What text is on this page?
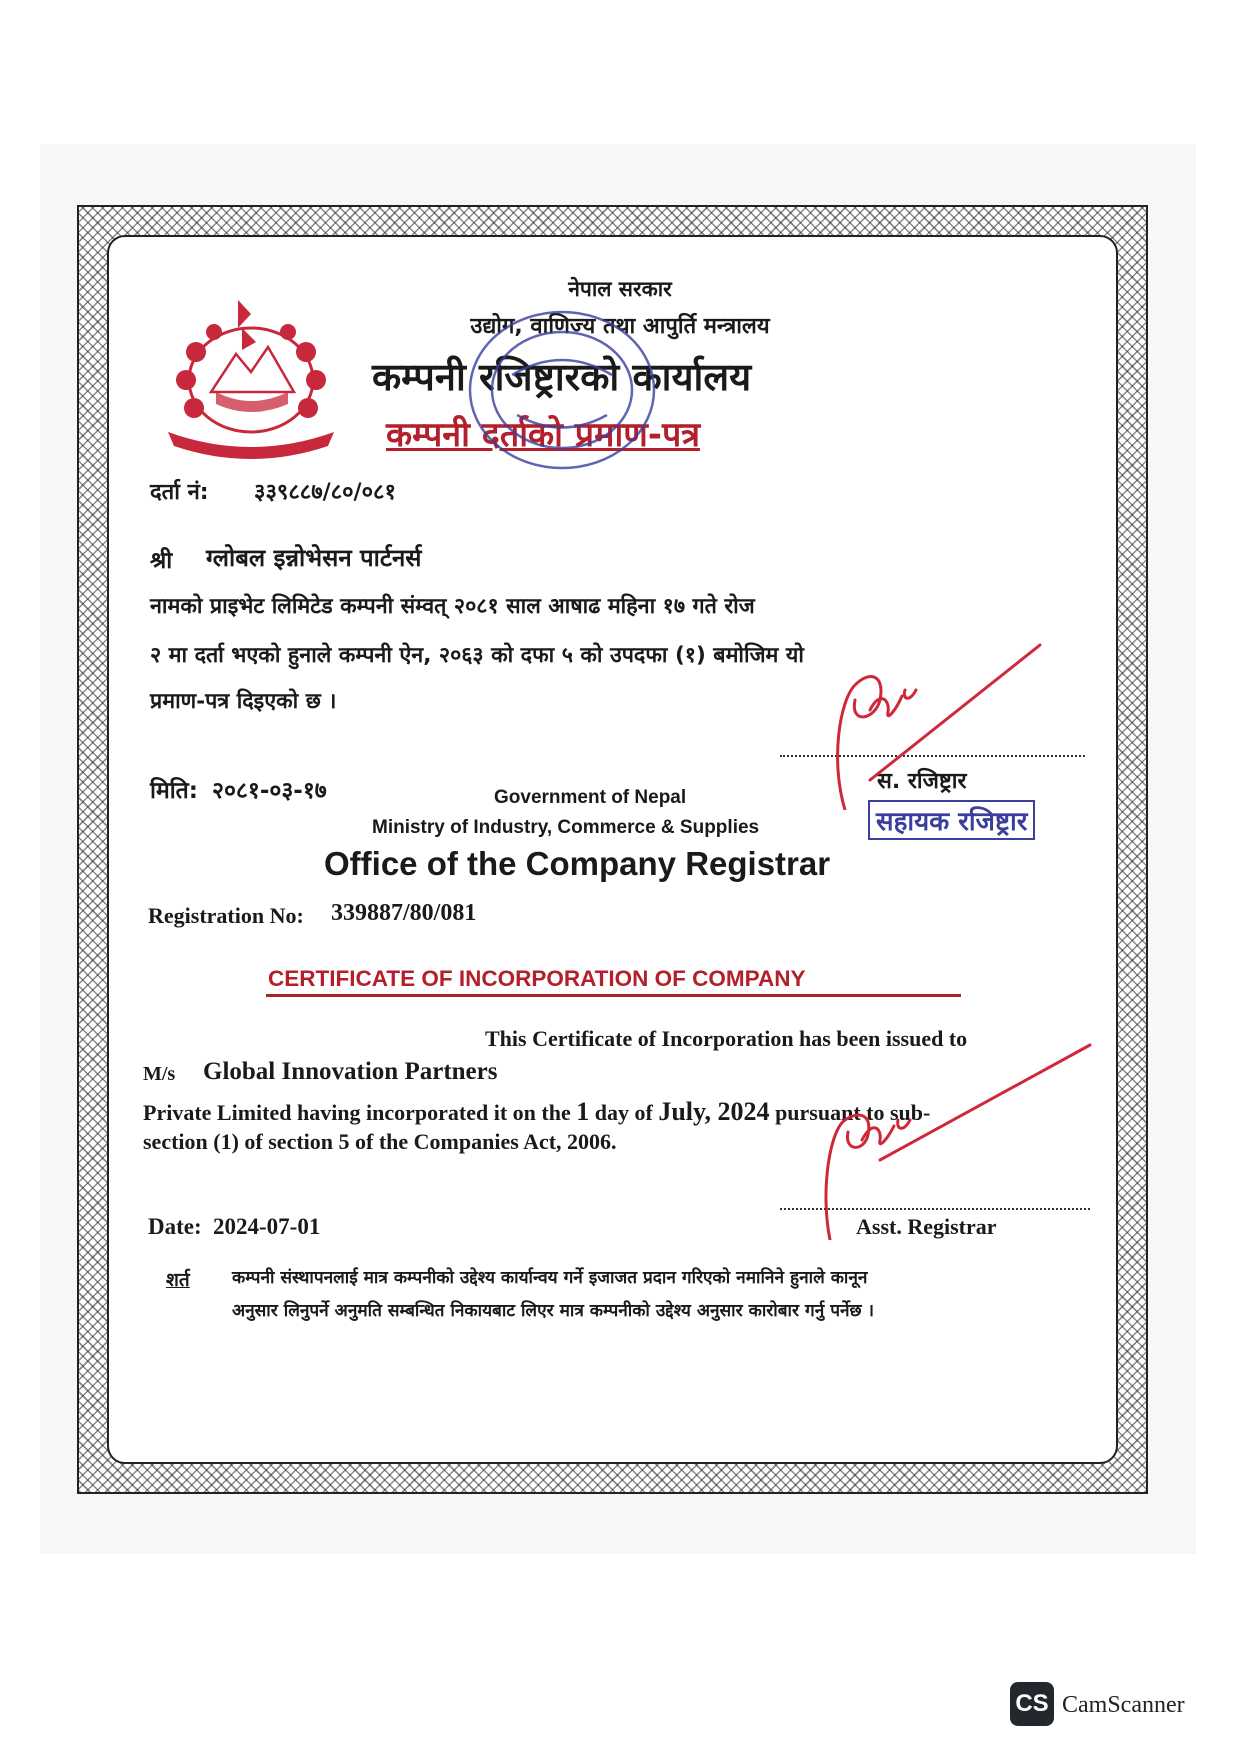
नेपाल सरकार
उद्योग, वाणिज्य तथा आपुर्ति मन्त्रालय
कम्पनी रजिष्ट्रारको कार्यालय
कम्पनी दर्ताको प्रमाण-पत्र
दर्ता नं: ३३९८८७/८०/०८१
श्री ग्लोबल इन्नोभेसन पार्टनर्स
नामको प्राइभेट लिमिटेड कम्पनी संम्वत् २०८१ साल आषाढ महिना १७ गते रोज
२ मा दर्ता भएको हुनाले कम्पनी ऐन, २०६३ को दफा ५ को उपदफा (१) बमोजिम यो
प्रमाण-पत्र दिइएको छ ।
मिति: २०८१-०३-१७	स. रजिष्ट्रार
सहायक रजिष्ट्रार
Government of Nepal
Ministry of Industry, Commerce & Supplies
Office of the Company Registrar
Registration No: 339887/80/081
CERTIFICATE OF INCORPORATION OF COMPANY
This Certificate of Incorporation has been issued to
M/s Global Innovation Partners
Private Limited having incorporated it on the 1 day of July, 2024 pursuant to sub-
section (1) of section 5 of the Companies Act, 2006.
Date: 2024-07-01	Asst. Registrar
शर्त कम्पनी संस्थापनलाई मात्र कम्पनीको उद्देश्य कार्यान्वय गर्ने इजाजत प्रदान गरिएको नमानिने हुनाले कानून
अनुसार लिनुपर्ने अनुमति सम्बन्धित निकायबाट लिएर मात्र कम्पनीको उद्देश्य अनुसार कारोबार गर्नु पर्नेछ ।
CS CamScanner
